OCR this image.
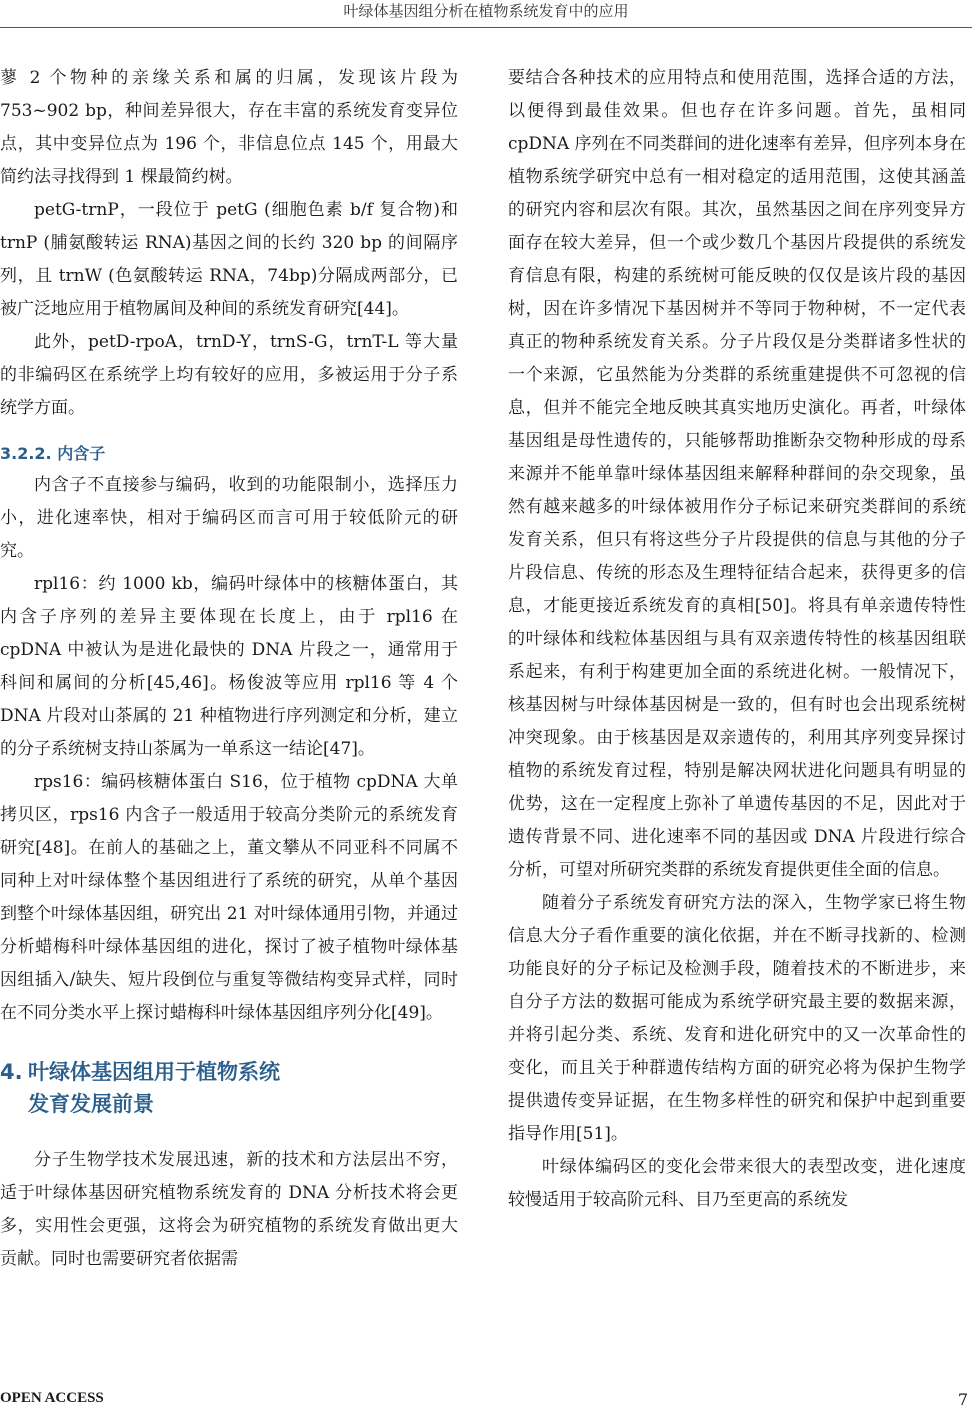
叶绿体基因组分析在植物系统发育中的应用

蓼 2 个物种的亲缘关系和属的归属，发现该片段为 753~902 bp，种间差异很大，存在丰富的系统发育变异位点，其中变异位点为 196 个，非信息位点 145 个，用最大简约法寻找得到 1 棵最简约树。

petG-trnP，一段位于 petG (细胞色素 b/f 复合物)和 trnP (脯氨酸转运 RNA)基因之间的长约 320 bp 的间隔序列，且 trnW (色氨酸转运 RNA，74bp)分隔成两部分，已被广泛地应用于植物属间及种间的系统发育研究[44]。

此外，petD-rpoA，trnD-Y，trnS-G，trnT-L 等大量的非编码区在系统学上均有较好的应用，多被运用于分子系统学方面。

3.2.2. 内含子

内含子不直接参与编码，收到的功能限制小，选择压力小，进化速率快，相对于编码区而言可用于较低阶元的研究。

rpl16：约 1000 kb，编码叶绿体中的核糖体蛋白，其内含子序列的差异主要体现在长度上，由于 rpl16 在 cpDNA 中被认为是进化最快的 DNA 片段之一，通常用于科间和属间的分析[45,46]。杨俊波等应用 rpl16 等 4 个 DNA 片段对山茶属的 21 种植物进行序列测定和分析，建立的分子系统树支持山茶属为一单系这一结论[47]。

rps16：编码核糖体蛋白 S16，位于植物 cpDNA 大单拷贝区，rps16 内含子一般适用于较高分类阶元的系统发育研究[48]。在前人的基础之上，董文攀从不同亚科不同属不同种上对叶绿体整个基因组进行了系统的研究，从单个基因到整个叶绿体基因组，研究出 21 对叶绿体通用引物，并通过分析蜡梅科叶绿体基因组的进化，探讨了被子植物叶绿体基因组插入/缺失、短片段倒位与重复等微结构变异式样，同时在不同分类水平上探讨蜡梅科叶绿体基因组序列分化[49]。

4. 叶绿体基因组用于植物系统
发育发展前景

分子生物学技术发展迅速，新的技术和方法层出不穷，适于叶绿体基因研究植物系统发育的 DNA 分析技术将会更多，实用性会更强，这将会为研究植物的系统发育做出更大贡献。同时也需要研究者依据需

要结合各种技术的应用特点和使用范围，选择合适的方法，以便得到最佳效果。但也存在许多问题。首先，虽相同 cpDNA 序列在不同类群间的进化速率有差异，但序列本身在植物系统学研究中总有一相对稳定的适用范围，这使其涵盖的研究内容和层次有限。其次，虽然基因之间在序列变异方面存在较大差异，但一个或少数几个基因片段提供的系统发育信息有限，构建的系统树可能反映的仅仅是该片段的基因树，因在许多情况下基因树并不等同于物种树，不一定代表真正的物种系统发育关系。分子片段仅是分类群诸多性状的一个来源，它虽然能为分类群的系统重建提供不可忽视的信息，但并不能完全地反映其真实地历史演化。再者，叶绿体基因组是母性遗传的，只能够帮助推断杂交物种形成的母系来源并不能单靠叶绿体基因组来解释种群间的杂交现象，虽然有越来越多的叶绿体被用作分子标记来研究类群间的系统发育关系，但只有将这些分子片段提供的信息与其他的分子片段信息、传统的形态及生理特征结合起来，获得更多的信息，才能更接近系统发育的真相[50]。将具有单亲遗传特性的叶绿体和线粒体基因组与具有双亲遗传特性的核基因组联系起来，有利于构建更加全面的系统进化树。一般情况下，核基因树与叶绿体基因树是一致的，但有时也会出现系统树冲突现象。由于核基因是双亲遗传的，利用其序列变异探讨植物的系统发育过程，特别是解决网状进化问题具有明显的优势，这在一定程度上弥补了单遗传基因的不足，因此对于遗传背景不同、进化速率不同的基因或 DNA 片段进行综合分析，可望对所研究类群的系统发育提供更佳全面的信息。

随着分子系统发育研究方法的深入，生物学家已将生物信息大分子看作重要的演化依据，并在不断寻找新的、检测功能良好的分子标记及检测手段，随着技术的不断进步，来自分子方法的数据可能成为系统学研究最主要的数据来源，并将引起分类、系统、发育和进化研究中的又一次革命性的变化，而且关于种群遗传结构方面的研究必将为保护生物学提供遗传变异证据，在生物多样性的研究和保护中起到重要指导作用[51]。

叶绿体编码区的变化会带来很大的表型改变，进化速度较慢适用于较高阶元科、目乃至更高的系统发

OPEN ACCESS	7
